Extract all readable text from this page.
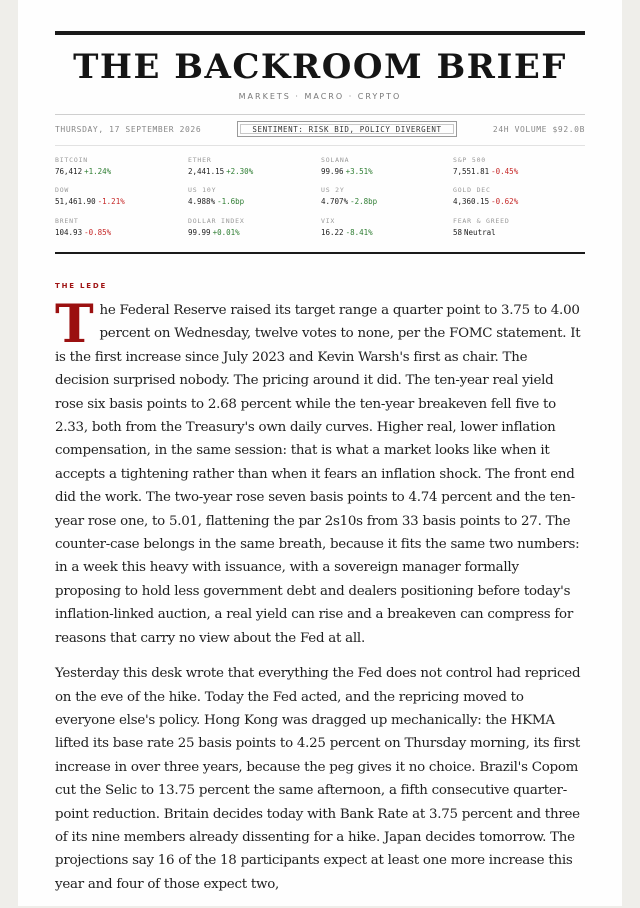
THE BACKROOM BRIEF
MARKETS · MACRO · CRYPTO
THURSDAY, 17 SEPTEMBER 2026	SENTIMENT: RISK BID, POLICY DIVERGENT	24H VOLUME $92.0B
BITCOIN
76,412 +1.24%
ETHER
2,441.15 +2.30%
SOLANA
99.96 +3.51%
S&P 500
7,551.81 -0.45%
DOW
51,461.90 -1.21%
US 10Y
4.988% -1.6bp
US 2Y
4.707% -2.8bp
GOLD DEC
4,360.15 -0.62%
BRENT
104.93 -0.85%
DOLLAR INDEX
99.99 +0.01%
VIX
16.22 -8.41%
FEAR & GREED
58 Neutral
THE LEDE

The Federal Reserve raised its target range a quarter point to 3.75 to 4.00 percent on Wednesday, twelve votes to none, per the FOMC statement. It is the first increase since July 2023 and Kevin Warsh's first as chair. The decision surprised nobody. The pricing around it did. The ten-year real yield rose six basis points to 2.68 percent while the ten-year breakeven fell five to 2.33, both from the Treasury's own daily curves. Higher real, lower inflation compensation, in the same session: that is what a market looks like when it accepts a tightening rather than when it fears an inflation shock. The front end did the work. The two-year rose seven basis points to 4.74 percent and the ten-year rose one, to 5.01, flattening the par 2s10s from 33 basis points to 27. The counter-case belongs in the same breath, because it fits the same two numbers: in a week this heavy with issuance, with a sovereign manager formally proposing to hold less government debt and dealers positioning before today's inflation-linked auction, a real yield can rise and a breakeven can compress for reasons that carry no view about the Fed at all.

Yesterday this desk wrote that everything the Fed does not control had repriced on the eve of the hike. Today the Fed acted, and the repricing moved to everyone else's policy. Hong Kong was dragged up mechanically: the HKMA lifted its base rate 25 basis points to 4.25 percent on Thursday morning, its first increase in over three years, because the peg gives it no choice. Brazil's Copom cut the Selic to 13.75 percent the same afternoon, a fifth consecutive quarter-point reduction. Britain decides today with Bank Rate at 3.75 percent and three of its nine members already dissenting for a hike. Japan decides tomorrow. The projections say 16 of the 18 participants expect at least one more increase this year and four of those expect two,
